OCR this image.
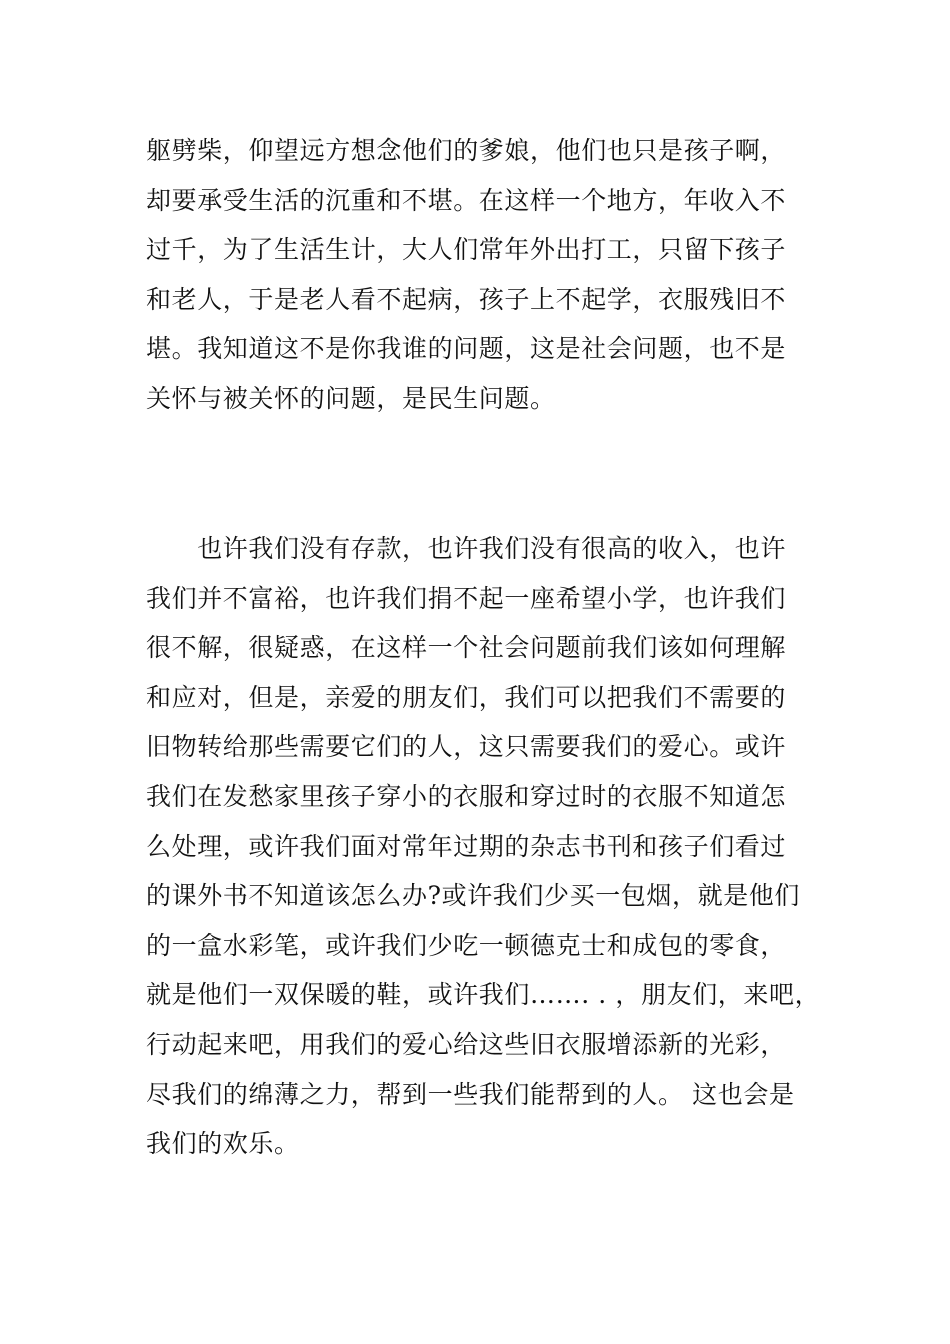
躯劈柴，仰望远方想念他们的爹娘，他们也只是孩子啊，
却要承受生活的沉重和不堪。在这样一个地方，年收入不
过千，为了生活生计，大人们常年外出打工，只留下孩子
和老人，于是老人看不起病，孩子上不起学，衣服残旧不
堪。我知道这不是你我谁的问题，这是社会问题，也不是
关怀与被关怀的问题，是民生问题。

　　也许我们没有存款，也许我们没有很高的收入，也许
我们并不富裕，也许我们捐不起一座希望小学，也许我们
很不解，很疑惑，在这样一个社会问题前我们该如何理解
和应对，但是，亲爱的朋友们，我们可以把我们不需要的
旧物转给那些需要它们的人，这只需要我们的爱心。或许
我们在发愁家里孩子穿小的衣服和穿过时的衣服不知道怎
么处理，或许我们面对常年过期的杂志书刊和孩子们看过
的课外书不知道该怎么办?或许我们少买一包烟，就是他们
的一盒水彩笔，或许我们少吃一顿德克士和成包的零食，
就是他们一双保暖的鞋，或许我们……. . ，朋友们，来吧，
行动起来吧，用我们的爱心给这些旧衣服增添新的光彩，
尽我们的绵薄之力，帮到一些我们能帮到的人。 这也会是
我们的欢乐。
